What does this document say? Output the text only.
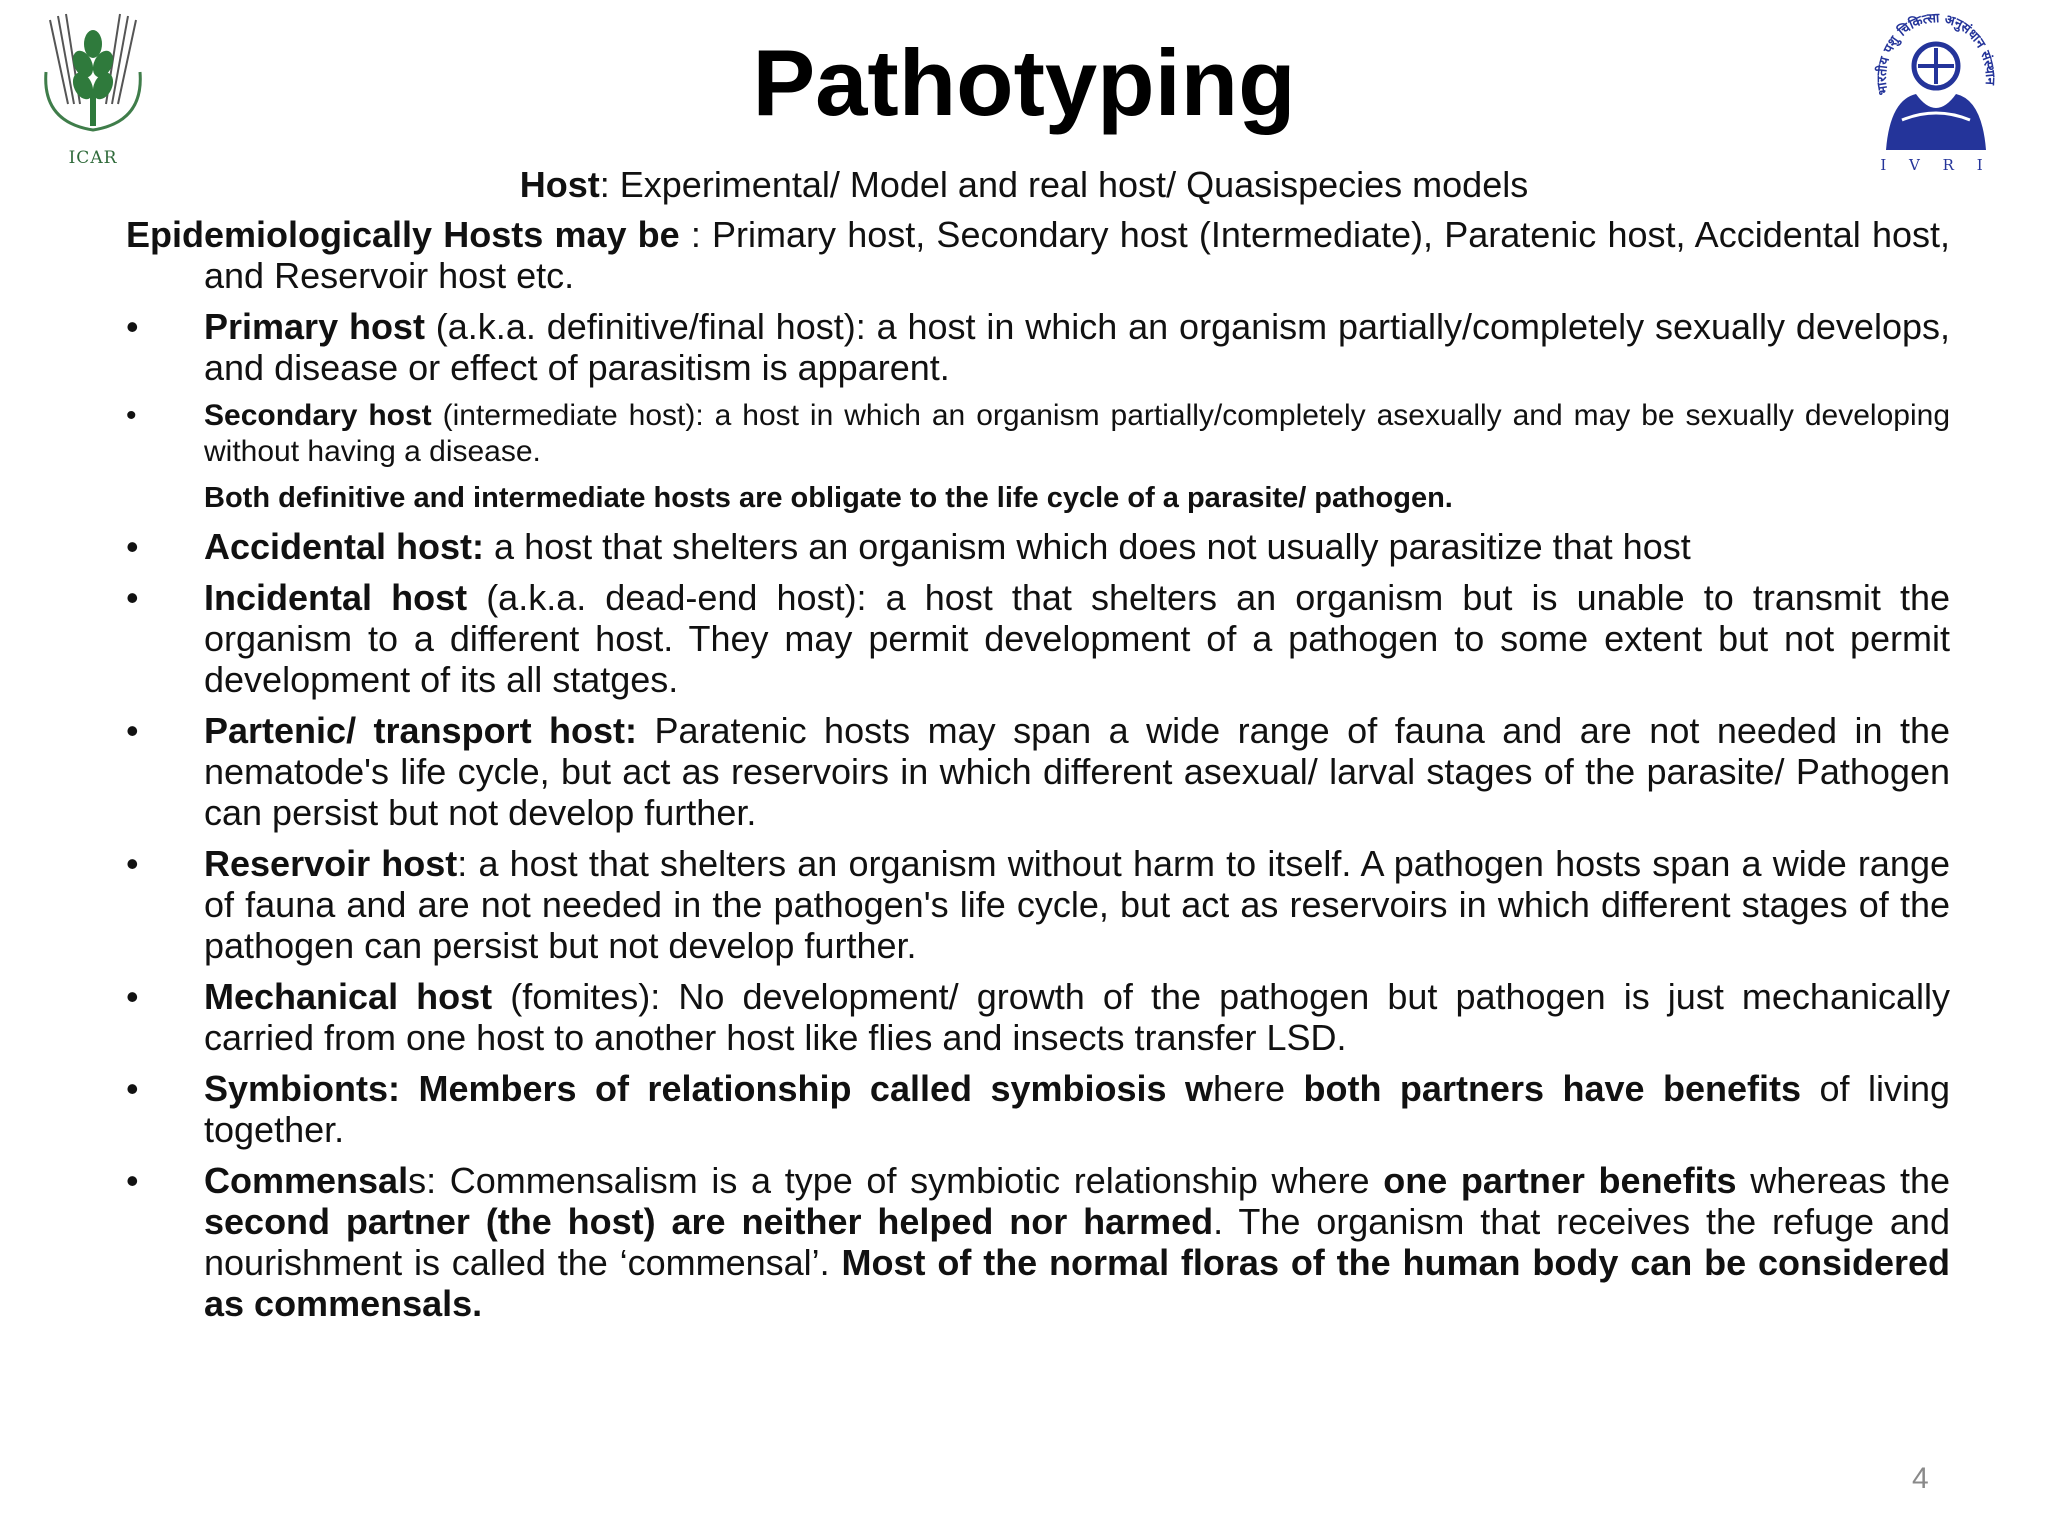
ICAR
भारतीय पशु चिकित्सा अनुसंधान संस्थान
I V R I
Pathotyping
Host: Experimental/ Model and real host/ Quasispecies models

Epidemiologically Hosts may be : Primary host, Secondary host (Intermediate), Paratenic host, Accidental host, and Reservoir host etc.

• Primary host (a.k.a. definitive/final host): a host in which an organism partially/completely sexually develops, and disease or effect of parasitism is apparent.
•	Secondary host (intermediate host): a host in which an organism partially/completely asexually and may be sexually developing without having a disease.
Both definitive and intermediate hosts are obligate to the life cycle of a parasite/ pathogen.
• Accidental host: a host that shelters an organism which does not usually parasitize that host
• Incidental host (a.k.a. dead-end host): a host that shelters an organism but is unable to transmit the organism to a different host. They may permit development of a pathogen to some extent but not permit development of its all statges.
• Partenic/ transport host: Paratenic hosts may span a wide range of fauna and are not needed in the nematode's life cycle, but act as reservoirs in which different asexual/ larval stages of the parasite/ Pathogen can persist but not develop further.
• Reservoir host: a host that shelters an organism without harm to itself. A pathogen hosts span a wide range of fauna and are not needed in the pathogen's life cycle, but act as reservoirs in which different stages of the pathogen can persist but not develop further.
• Mechanical host (fomites): No development/ growth of the pathogen but pathogen is just mechanically carried from one host to another host like flies and insects transfer LSD.
• Symbionts: Members of relationship called symbiosis where both partners have benefits of living together.
• Commensals: Commensalism is a type of symbiotic relationship where one partner benefits whereas the second partner (the host) are neither helped nor harmed. The organism that receives the refuge and nourishment is called the ‘commensal’. Most of the normal floras of the human body can be considered as commensals.
4
